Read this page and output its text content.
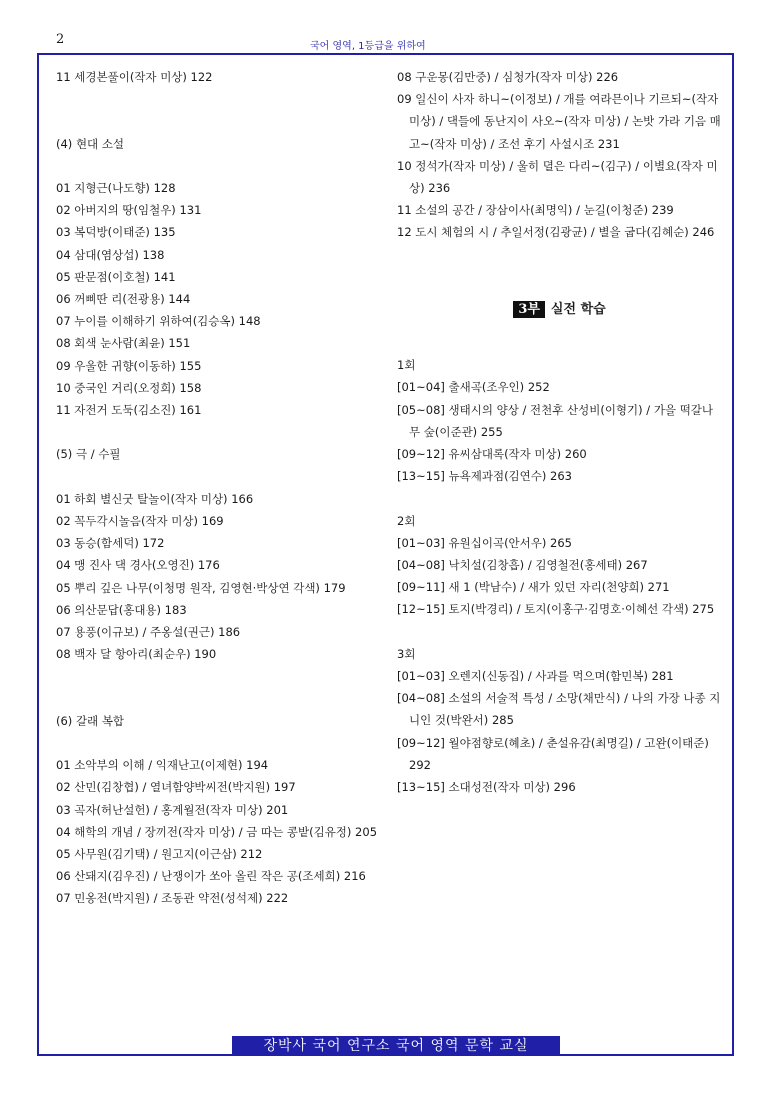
2	국어 영역, 1등급을 위하여
11 세경본풀이(작자 미상) 122
(4) 현대 소설
01 지형근(나도향) 128
02 아버지의 땅(임철우) 131
03 복덕방(이태준) 135
04 삼대(염상섭) 138
05 판문점(이호철) 141
06 꺼삐딴 리(전광용) 144
07 누이를 이해하기 위하여(김승옥) 148
08 회색 눈사람(최윤) 151
09 우울한 귀향(이동하) 155
10 중국인 거리(오정희) 158
11 자전거 도둑(김소진) 161
(5) 극 / 수필
01 하회 별신굿 탈놀이(작자 미상) 166
02 꼭두각시놀음(작자 미상) 169
03 동승(함세덕) 172
04 맹 진사 댁 경사(오영진) 176
05 뿌리 깊은 나무(이청명 원작, 김영현·박상연 각색) 179
06 의산문답(홍대용) 183
07 용풍(이규보) / 주옹설(권근) 186
08 백자 달 항아리(최순우) 190
(6) 갈래 복합
01 소악부의 이해 / 익재난고(이제현) 194
02 산민(김창협) / 열녀함양박씨전(박지원) 197
03 곡자(허난설헌) / 홍계월전(작자 미상) 201
04 해학의 개념 / 장끼전(작자 미상) / 금 따는 콩밭(김유정) 205
05 사무원(김기택) / 원고지(이근삼) 212
06 산돼지(김우진) / 난쟁이가 쏘아 올린 작은 공(조세희) 216
07 민옹전(박지원) / 조동관 약전(성석제) 222
08 구운몽(김만중) / 심청가(작자 미상) 226
09 일신이 사자 하니~(이정보) / 개를 여라믄이나 기르되~(작자 미상) / 댁들에 동난지이 사오~(작자 미상) / 논밧 가라 기음 매고~(작자 미상) / 조선 후기 사설시조 231
10 정석가(작자 미상) / 울히 뎔은 다리~(김구) / 이별요(작자 미상) 236
11 소설의 공간 / 장삼이사(최명익) / 눈길(이청준) 239
12 도시 체험의 시 / 추일서정(김광균) / 별을 굽다(김혜순) 246
3부 실전 학습
1회
[01~04] 출새곡(조우인) 252
[05~08] 생태시의 양상 / 전천후 산성비(이형기) / 가을 떡갈나무 숲(이준관) 255
[09~12] 유씨삼대록(작자 미상) 260
[13~15] 뉴욕제과점(김연수) 263
2회
[01~03] 유원십이곡(안서우) 265
[04~08] 낙치설(김창흡) / 김영철전(홍세태) 267
[09~11] 새 1 (박남수) / 새가 있던 자리(천양희) 271
[12~15] 토지(박경리) / 토지(이홍구·김명호·이혜선 각색) 275
3회
[01~03] 오렌지(신동집) / 사과를 먹으며(함민복) 281
[04~08] 소설의 서술적 특성 / 소망(채만식) / 나의 가장 나종 지니인 것(박완서) 285
[09~12] 월야점향로(혜초) / 춘설유감(최명길) / 고완(이태준) 292
[13~15] 소대성전(작자 미상) 296
장박사 국어 연구소 국어 영역 문학 교실
